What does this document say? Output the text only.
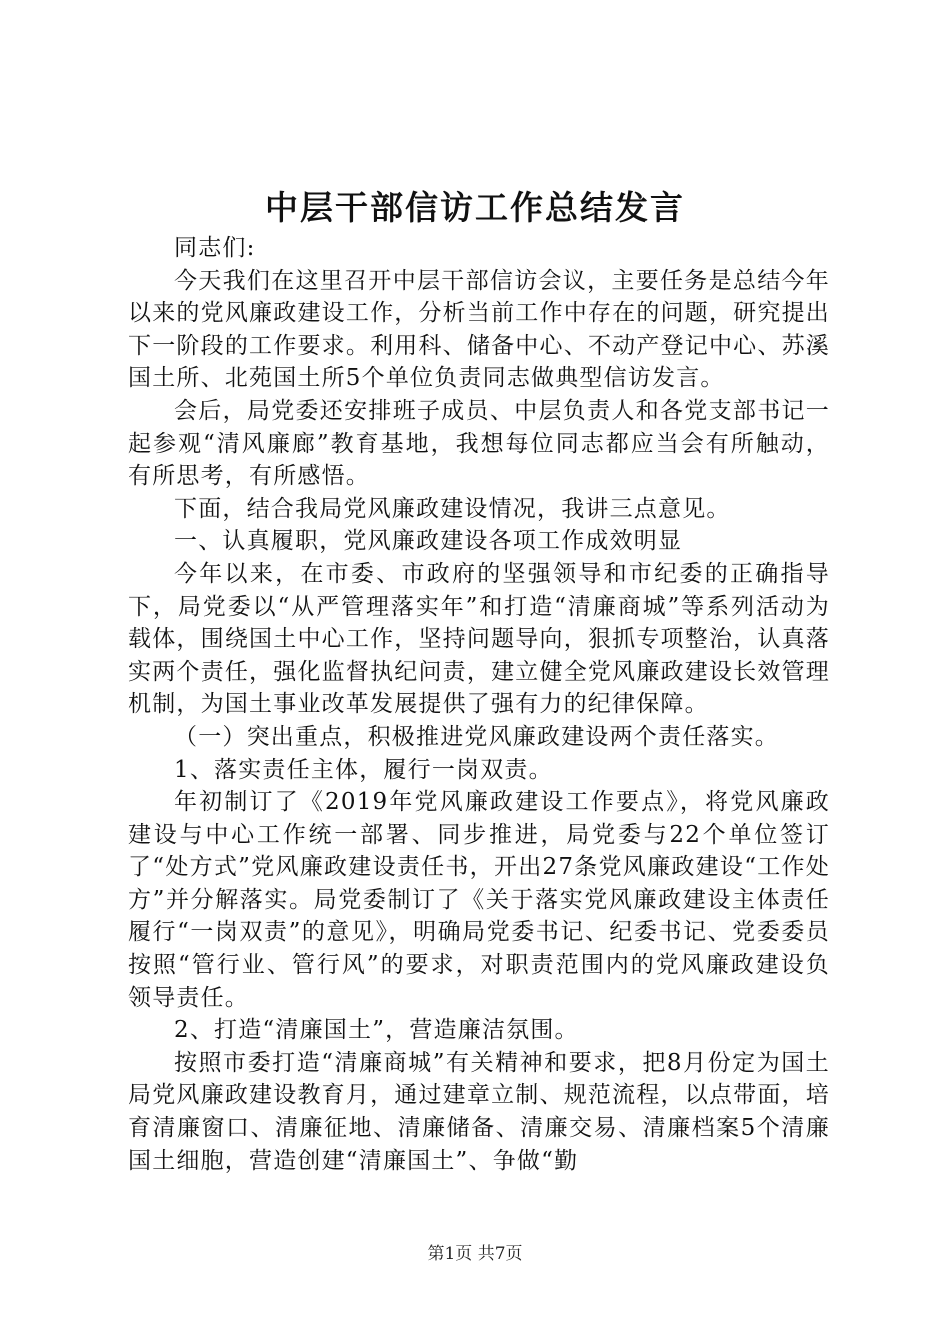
中层干部信访工作总结发言

同志们:

今天我们在这里召开中层干部信访会议，主要任务是总结今年以来的党风廉政建设工作，分析当前工作中存在的问题，研究提出下一阶段的工作要求。利用科、储备中心、不动产登记中心、苏溪国土所、北苑国土所5个单位负责同志做典型信访发言。

会后，局党委还安排班子成员、中层负责人和各党支部书记一起参观“清风廉廊”教育基地，我想每位同志都应当会有所触动，有所思考，有所感悟。

下面，结合我局党风廉政建设情况，我讲三点意见。

一、认真履职，党风廉政建设各项工作成效明显

今年以来，在市委、市政府的坚强领导和市纪委的正确指导下，局党委以“从严管理落实年”和打造“清廉商城”等系列活动为载体，围绕国土中心工作，坚持问题导向，狠抓专项整治，认真落实两个责任，强化监督执纪问责，建立健全党风廉政建设长效管理机制，为国土事业改革发展提供了强有力的纪律保障。

（一）突出重点，积极推进党风廉政建设两个责任落实。

1、落实责任主体，履行一岗双责。

年初制订了《2019年党风廉政建设工作要点》，将党风廉政建设与中心工作统一部署、同步推进，局党委与22个单位签订了“处方式”党风廉政建设责任书，开出27条党风廉政建设“工作处方”并分解落实。局党委制订了《关于落实党风廉政建设主体责任履行“一岗双责”的意见》，明确局党委书记、纪委书记、党委委员按照“管行业、管行风”的要求，对职责范围内的党风廉政建设负领导责任。

2、打造“清廉国土”，营造廉洁氛围。

按照市委打造“清廉商城”有关精神和要求，把8月份定为国土局党风廉政建设教育月，通过建章立制、规范流程，以点带面，培育清廉窗口、清廉征地、清廉储备、清廉交易、清廉档案5个清廉国土细胞，营造创建“清廉国土”、争做“勤

第1页 共7页
